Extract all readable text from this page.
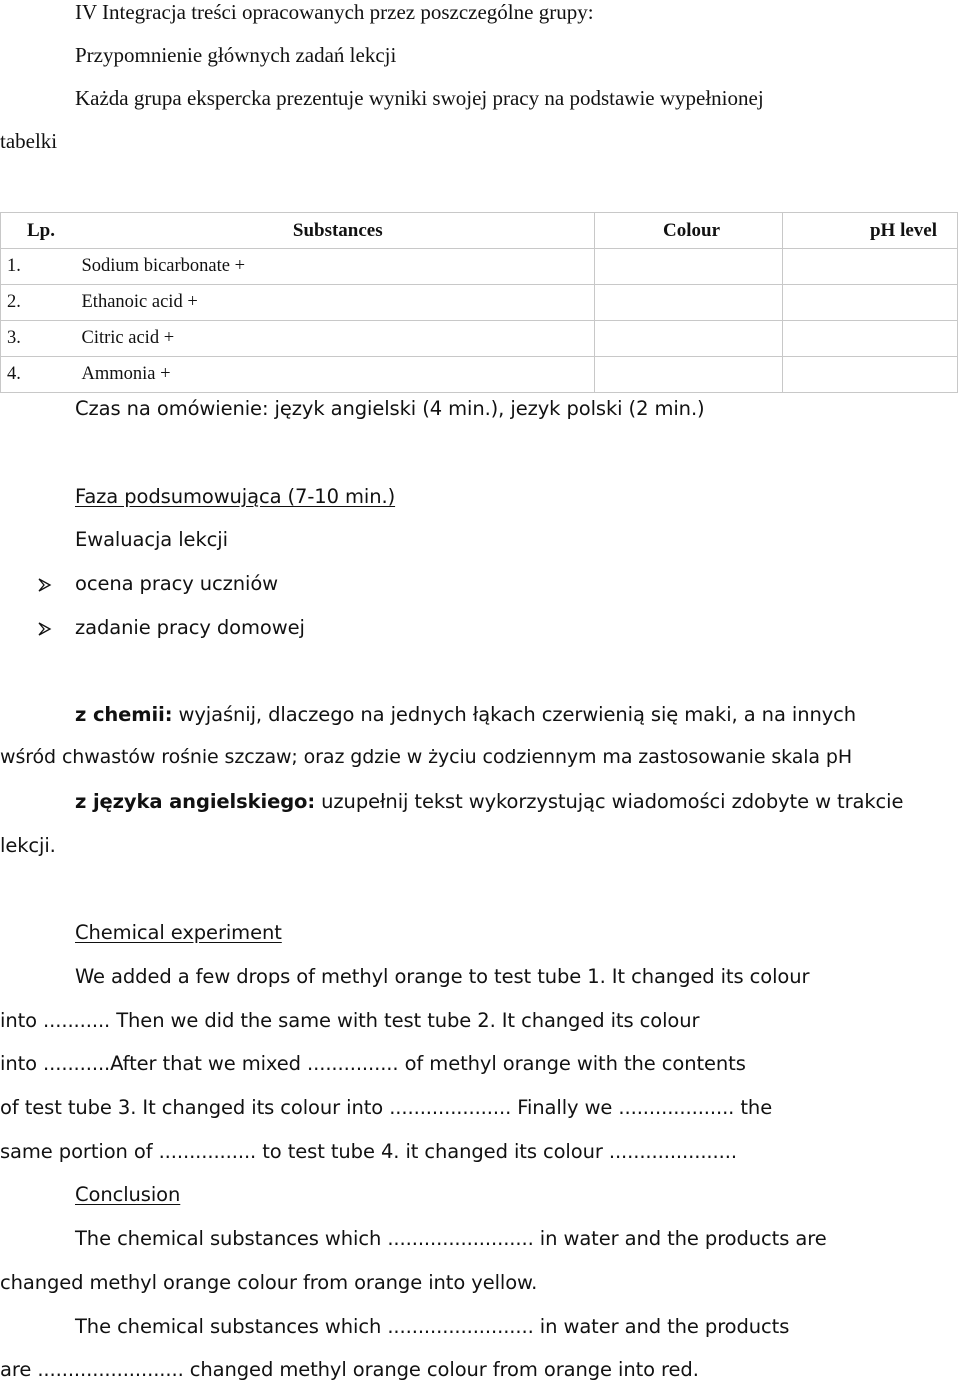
IV Integracja treści opracowanych przez poszczególne grupy:
Przypomnienie głównych zadań lekcji
Każda grupa ekspercka prezentuje wyniki swojej pracy na podstawie wypełnionej
tabelki
Lp.	Substances	Colour	pH level
1.	Sodium bicarbonate +		
2.	Ethanoic acid +		
3.	Citric acid +		
4.	Ammonia +		
Czas na omówienie: język angielski (4 min.), jezyk polski (2 min.)
Faza podsumowująca (7-10 min.)
Ewaluacja lekcji
ocena pracy uczniów
zadanie pracy domowej
z chemii: wyjaśnij, dlaczego na jednych łąkach czerwienią się maki, a na innych
wśród chwastów rośnie szczaw; oraz gdzie w życiu codziennym ma zastosowanie skala pH
z języka angielskiego: uzupełnij tekst wykorzystując wiadomości zdobyte w trakcie
lekcji.
Chemical experiment
We added a few drops of methyl orange to test tube 1. It changed its colour
into ........... Then we did the same with test tube 2. It changed its colour
into ...........After that we mixed ............... of methyl orange with the contents
of test tube 3. It changed its colour into .................... Finally we ................... the
same portion of ................ to test tube 4. it changed its colour .....................
Conclusion
The chemical substances which ........................ in water and the products are
changed methyl orange colour from orange into yellow.
The chemical substances which ........................ in water and the products
are ........................ changed methyl orange colour from orange into red.
